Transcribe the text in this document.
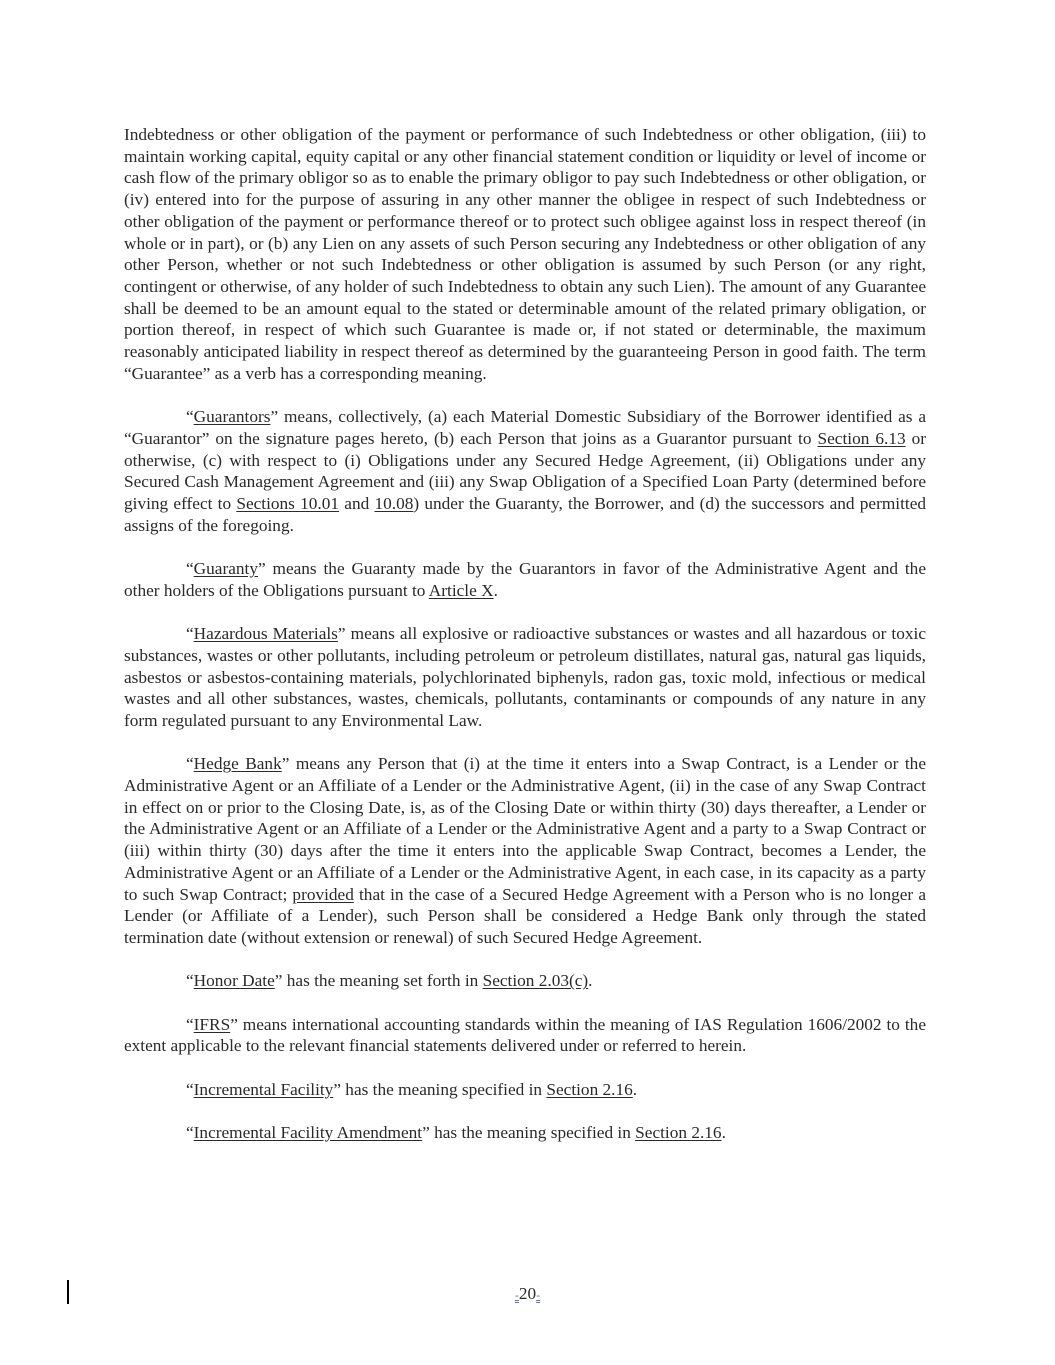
Indebtedness or other obligation of the payment or performance of such Indebtedness or other obligation, (iii) to maintain working capital, equity capital or any other financial statement condition or liquidity or level of income or cash flow of the primary obligor so as to enable the primary obligor to pay such Indebtedness or other obligation, or (iv) entered into for the purpose of assuring in any other manner the obligee in respect of such Indebtedness or other obligation of the payment or performance thereof or to protect such obligee against loss in respect thereof (in whole or in part), or (b) any Lien on any assets of such Person securing any Indebtedness or other obligation of any other Person, whether or not such Indebtedness or other obligation is assumed by such Person (or any right, contingent or otherwise, of any holder of such Indebtedness to obtain any such Lien). The amount of any Guarantee shall be deemed to be an amount equal to the stated or determinable amount of the related primary obligation, or portion thereof, in respect of which such Guarantee is made or, if not stated or determinable, the maximum reasonably anticipated liability in respect thereof as determined by the guaranteeing Person in good faith. The term “Guarantee” as a verb has a corresponding meaning.

“Guarantors” means, collectively, (a) each Material Domestic Subsidiary of the Borrower identified as a “Guarantor” on the signature pages hereto, (b) each Person that joins as a Guarantor pursuant to Section 6.13 or otherwise, (c) with respect to (i) Obligations under any Secured Hedge Agreement, (ii) Obligations under any Secured Cash Management Agreement and (iii) any Swap Obligation of a Specified Loan Party (determined before giving effect to Sections 10.01 and 10.08) under the Guaranty, the Borrower, and (d) the successors and permitted assigns of the foregoing.

“Guaranty” means the Guaranty made by the Guarantors in favor of the Administrative Agent and the other holders of the Obligations pursuant to Article X.

“Hazardous Materials” means all explosive or radioactive substances or wastes and all hazardous or toxic substances, wastes or other pollutants, including petroleum or petroleum distillates, natural gas, natural gas liquids, asbestos or asbestos-containing materials, polychlorinated biphenyls, radon gas, toxic mold, infectious or medical wastes and all other substances, wastes, chemicals, pollutants, contaminants or compounds of any nature in any form regulated pursuant to any Environmental Law.

“Hedge Bank” means any Person that (i) at the time it enters into a Swap Contract, is a Lender or the Administrative Agent or an Affiliate of a Lender or the Administrative Agent, (ii) in the case of any Swap Contract in effect on or prior to the Closing Date, is, as of the Closing Date or within thirty (30) days thereafter, a Lender or the Administrative Agent or an Affiliate of a Lender or the Administrative Agent and a party to a Swap Contract or (iii) within thirty (30) days after the time it enters into the applicable Swap Contract, becomes a Lender, the Administrative Agent or an Affiliate of a Lender or the Administrative Agent, in each case, in its capacity as a party to such Swap Contract; provided that in the case of a Secured Hedge Agreement with a Person who is no longer a Lender (or Affiliate of a Lender), such Person shall be considered a Hedge Bank only through the stated termination date (without extension or renewal) of such Secured Hedge Agreement.

“Honor Date” has the meaning set forth in Section 2.03(c).

“IFRS” means international accounting standards within the meaning of IAS Regulation 1606/2002 to the extent applicable to the relevant financial statements delivered under or referred to herein.

“Incremental Facility” has the meaning specified in Section 2.16.

“Incremental Facility Amendment” has the meaning specified in Section 2.16.

-20-
